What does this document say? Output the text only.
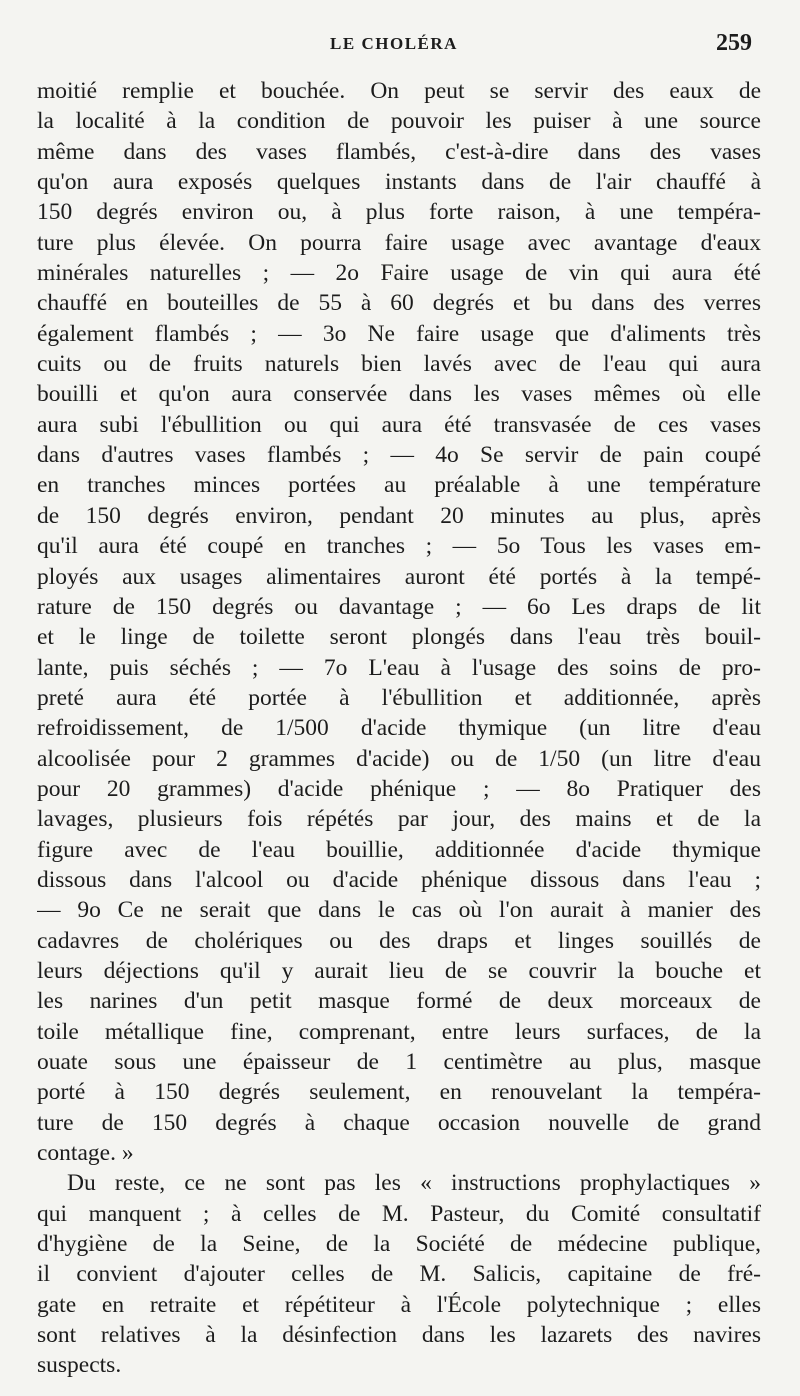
LE CHOLÉRA	259
moitié remplie et bouchée. On peut se servir des eaux de
la localité à la condition de pouvoir les puiser à une source
même dans des vases flambés, c'est-à-dire dans des vases
qu'on aura exposés quelques instants dans de l'air chauffé à
150 degrés environ ou, à plus forte raison, à une tempéra-
ture plus élevée. On pourra faire usage avec avantage d'eaux
minérales naturelles ; — 2o Faire usage de vin qui aura été
chauffé en bouteilles de 55 à 60 degrés et bu dans des verres
également flambés ; — 3o Ne faire usage que d'aliments très
cuits ou de fruits naturels bien lavés avec de l'eau qui aura
bouilli et qu'on aura conservée dans les vases mêmes où elle
aura subi l'ébullition ou qui aura été transvasée de ces vases
dans d'autres vases flambés ; — 4o Se servir de pain coupé
en tranches minces portées au préalable à une température
de 150 degrés environ, pendant 20 minutes au plus, après
qu'il aura été coupé en tranches ; — 5o Tous les vases em-
ployés aux usages alimentaires auront été portés à la tempé-
rature de 150 degrés ou davantage ; — 6o Les draps de lit
et le linge de toilette seront plongés dans l'eau très bouil-
lante, puis séchés ; — 7o L'eau à l'usage des soins de pro-
preté aura été portée à l'ébullition et additionnée, après
refroidissement, de 1/500 d'acide thymique (un litre d'eau
alcoolisée pour 2 grammes d'acide) ou de 1/50 (un litre d'eau
pour 20 grammes) d'acide phénique ; — 8o Pratiquer des
lavages, plusieurs fois répétés par jour, des mains et de la
figure avec de l'eau bouillie, additionnée d'acide thymique
dissous dans l'alcool ou d'acide phénique dissous dans l'eau ;
— 9o Ce ne serait que dans le cas où l'on aurait à manier des
cadavres de cholériques ou des draps et linges souillés de
leurs déjections qu'il y aurait lieu de se couvrir la bouche et
les narines d'un petit masque formé de deux morceaux de
toile métallique fine, comprenant, entre leurs surfaces, de la
ouate sous une épaisseur de 1 centimètre au plus, masque
porté à 150 degrés seulement, en renouvelant la tempéra-
ture de 150 degrés à chaque occasion nouvelle de grand
contage. »
Du reste, ce ne sont pas les « instructions prophylactiques »
qui manquent ; à celles de M. Pasteur, du Comité consultatif
d'hygiène de la Seine, de la Société de médecine publique,
il convient d'ajouter celles de M. Salicis, capitaine de fré-
gate en retraite et répétiteur à l'École polytechnique ; elles
sont relatives à la désinfection dans les lazarets des navires
suspects.
